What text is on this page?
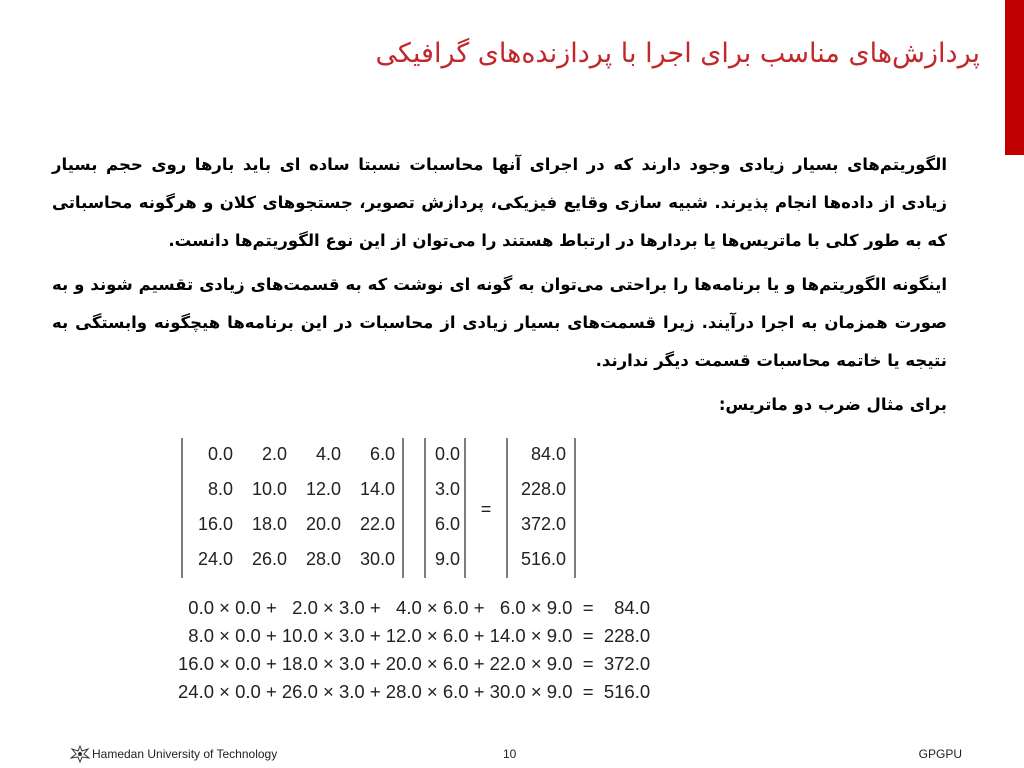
پردازش‌های مناسب برای اجرا با پردازنده‌های گرافیکی

الگوریتم‌های بسیار زیادی وجود دارند که در اجرای آنها محاسبات نسبتا ساده ای باید بارها روی حجم بسیار زیادی از داده‌ها انجام پذیرند. شبیه سازی وقایع فیزیکی، پردازش تصویر، جستجوهای کلان و هرگونه محاسباتی که به طور کلی با ماتریس‌ها یا بردارها در ارتباط هستند را می‌توان از این نوع الگوریتم‌ها دانست.

اینگونه الگوریتم‌ها و یا برنامه‌ها را براحتی می‌توان به گونه ای نوشت که به قسمت‌های زیادی تقسیم شوند و به صورت همزمان به اجرا درآیند. زیرا قسمت‌های بسیار زیادی از محاسبات در این برنامه‌ها هیچگونه وابستگی به نتیجه یا خاتمه محاسبات قسمت دیگر ندارند.

برای مثال ضرب دو ماتریس:

0.0 2.0 4.0 6.0
8.0 10.0 12.0 14.0
16.0 18.0 20.0 22.0
24.0 26.0 28.0 30.0
0.0
3.0
6.0
9.0
=
84.0
228.0
372.0
516.0
0.0 × 0.0 +   2.0 × 3.0 +   4.0 × 6.0 +   6.0 × 9.0  =    84.0
8.0 × 0.0 + 10.0 × 3.0 + 12.0 × 6.0 + 14.0 × 9.0  =  228.0
16.0 × 0.0 + 18.0 × 3.0 + 20.0 × 6.0 + 22.0 × 9.0  =  372.0
24.0 × 0.0 + 26.0 × 3.0 + 28.0 × 6.0 + 30.0 × 9.0  =  516.0
Hamedan University of Technology	10	GPGPU
